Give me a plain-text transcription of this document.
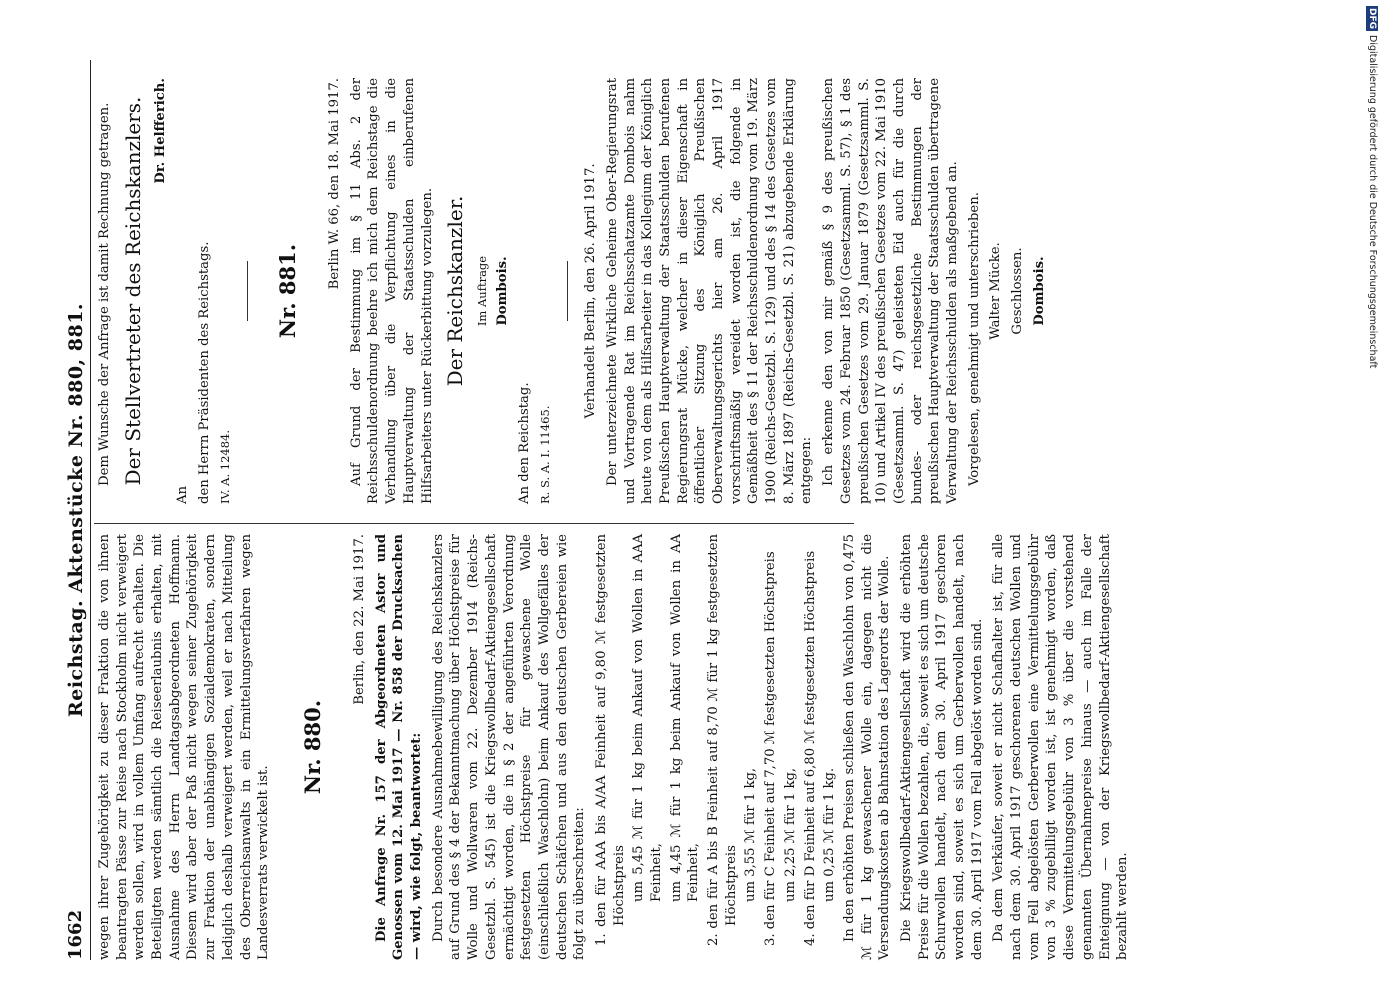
1662
Reichstag. Aktenstücke Nr. 880, 881.

wegen ihrer Zugehörigkeit zu dieser Fraktion die von ihnen beantragten Pässe zur Reise nach Stockholm nicht verweigert werden sollen, wird in vollem Umfang aufrecht erhalten. Die Beteiligten werden sämtlich die Reiseerlaubnis erhalten, mit Ausnahme des Herrn Landtagsabgeordneten Hoffmann. Diesem wird aber der Paß nicht wegen seiner Zugehörigkeit zur Fraktion der unabhängigen Sozialdemokraten, sondern lediglich deshalb verweigert werden, weil er nach Mitteilung des Oberreichsanwalts in ein Ermittelungsverfahren wegen Landesverrats verwickelt ist.

Nr. 880.

Berlin, den 22. Mai 1917. Die Anfrage Nr. 157 der Abgeordneten Astor und Genossen vom 12. Mai 1917 — Nr. 858 der Drucksachen — wird, wie folgt, beantwortet: Durch besondere Ausnahmebewilligung des Reichskanzlers auf Grund des § 4 der Bekanntmachung über Höchstpreise für Wolle und Wollwaren vom 22. Dezember 1914 (Reichs-Gesetzbl. S. 545) ist die Kriegswollbedarf-Aktiengesellschaft ermächtigt worden, die in § 2 der angeführten Verordnung festgesetzten Höchstpreise für gewaschene Wolle (einschließlich Waschlohn) beim Ankauf des Wollgefälles der deutschen Schäfchen und aus den deutschen Gerbereien wie folgt zu überschreiten: 1. den für AAA bis A/AA Feinheit auf 9,80 ℳ festgesetzten Höchstpreis um 5,45 ℳ für 1 kg beim Ankauf von Wollen in AAA Feinheit, um 4,45 ℳ für 1 kg beim Ankauf von Wollen in AA Feinheit, 2. den für A bis B Feinheit auf 8,70 ℳ für 1 kg festgesetzten Höchstpreis um 3,55 ℳ für 1 kg, 3. den für C Feinheit auf 7,70 ℳ festgesetzten Höchstpreis um 2,25 ℳ für 1 kg, 4. den für D Feinheit auf 6,80 ℳ festgesetzten Höchstpreis um 0,25 ℳ für 1 kg. In den erhöhten Preisen schließen den Waschlohn von 0,475 ℳ für 1 kg gewaschener Wolle ein, dagegen nicht die Versendungskosten ab Bahnstation des Lagerorts der Wolle. Die Kriegswollbedarf-Aktiengesellschaft wird die erhöhten Preise für die Wollen bezahlen, die, soweit es sich um deutsche Schurwollen handelt, nach dem 30. April 1917 geschoren worden sind, soweit es sich um Gerberwollen handelt, nach dem 30. April 1917 vom Fell abgelöst worden sind. Da dem Verkäufer, soweit er nicht Schafhalter ist, für alle nach dem 30. April 1917 geschorenen deutschen Wollen und vom Fell abgelösten Gerberwollen eine Vermittelungsgebühr von 3 % zugebilligt worden ist, ist genehmigt worden, daß diese Vermittelungsgebühr von 3 % über die vorstehend genannten Übernahmepreise hinaus — auch im Falle der Enteignung — von der Kriegswollbedarf-Aktiengesellschaft bezahlt werden.

Dem Wunsche der Anfrage ist damit Rechnung getragen. Der Stellvertreter des Reichskanzlers. Dr. Helfferich.

An den Herrn Präsidenten des Reichstags. IV. A. 12484.

Nr. 881.

Berlin W. 66, den 18. Mai 1917. Auf Grund der Bestimmung im § 11 Abs. 2 der Reichsschuldenordnung beehre ich mich dem Reichstage die Verhandlung über die Verpflichtung eines in die Hauptverwaltung der Staatsschulden einberufenen Hilfsarbeiters unter Rückerbittung vorzulegen. Der Reichskanzler. Im Auftrage Dombois.

An den Reichstag. R. S. A. I. 11465.

Verhandelt Berlin, den 26. April 1917. Der unterzeichnete Wirkliche Geheime Ober-Regierungsrat und Vortragende Rat im Reichsschatzamte Dombois nahm heute von dem als Hilfsarbeiter in das Kollegium der Königlich Preußischen Hauptverwaltung der Staatsschulden berufenen Regierungsrat Mücke, welcher in dieser Eigenschaft in öffentlicher Sitzung des Königlich Preußischen Oberverwaltungsgerichts hier am 26. April 1917 vorschriftsmäßig vereidet worden ist, die folgende in Gemäßheit des § 11 der Reichsschuldenordnung vom 19. März 1900 (Reichs-Gesetzbl. S. 129) und des § 14 des Gesetzes vom 8. März 1897 (Reichs-Gesetzbl. S. 21) abzugebende Erklärung entgegen: Ich erkenne den von mir gemäß § 9 des preußischen Gesetzes vom 24. Februar 1850 (Gesetzsamml. S. 57), § 1 des preußischen Gesetzes vom 29. Januar 1879 (Gesetzsamml. S. 10) und Artikel IV des preußischen Gesetzes vom 22. Mai 1910 (Gesetzsamml. S. 47) geleisteten Eid auch für die durch bundes- oder reichsgesetzliche Bestimmungen der preußischen Hauptverwaltung der Staatsschulden übertragene Verwaltung der Reichsschulden als maßgebend an. Vorgelesen, genehmigt und unterschrieben. Walter Mücke. Geschlossen. Dombois.

DFG
Digitalisierung gefördert durch die Deutsche Forschungsgemeinschaft
